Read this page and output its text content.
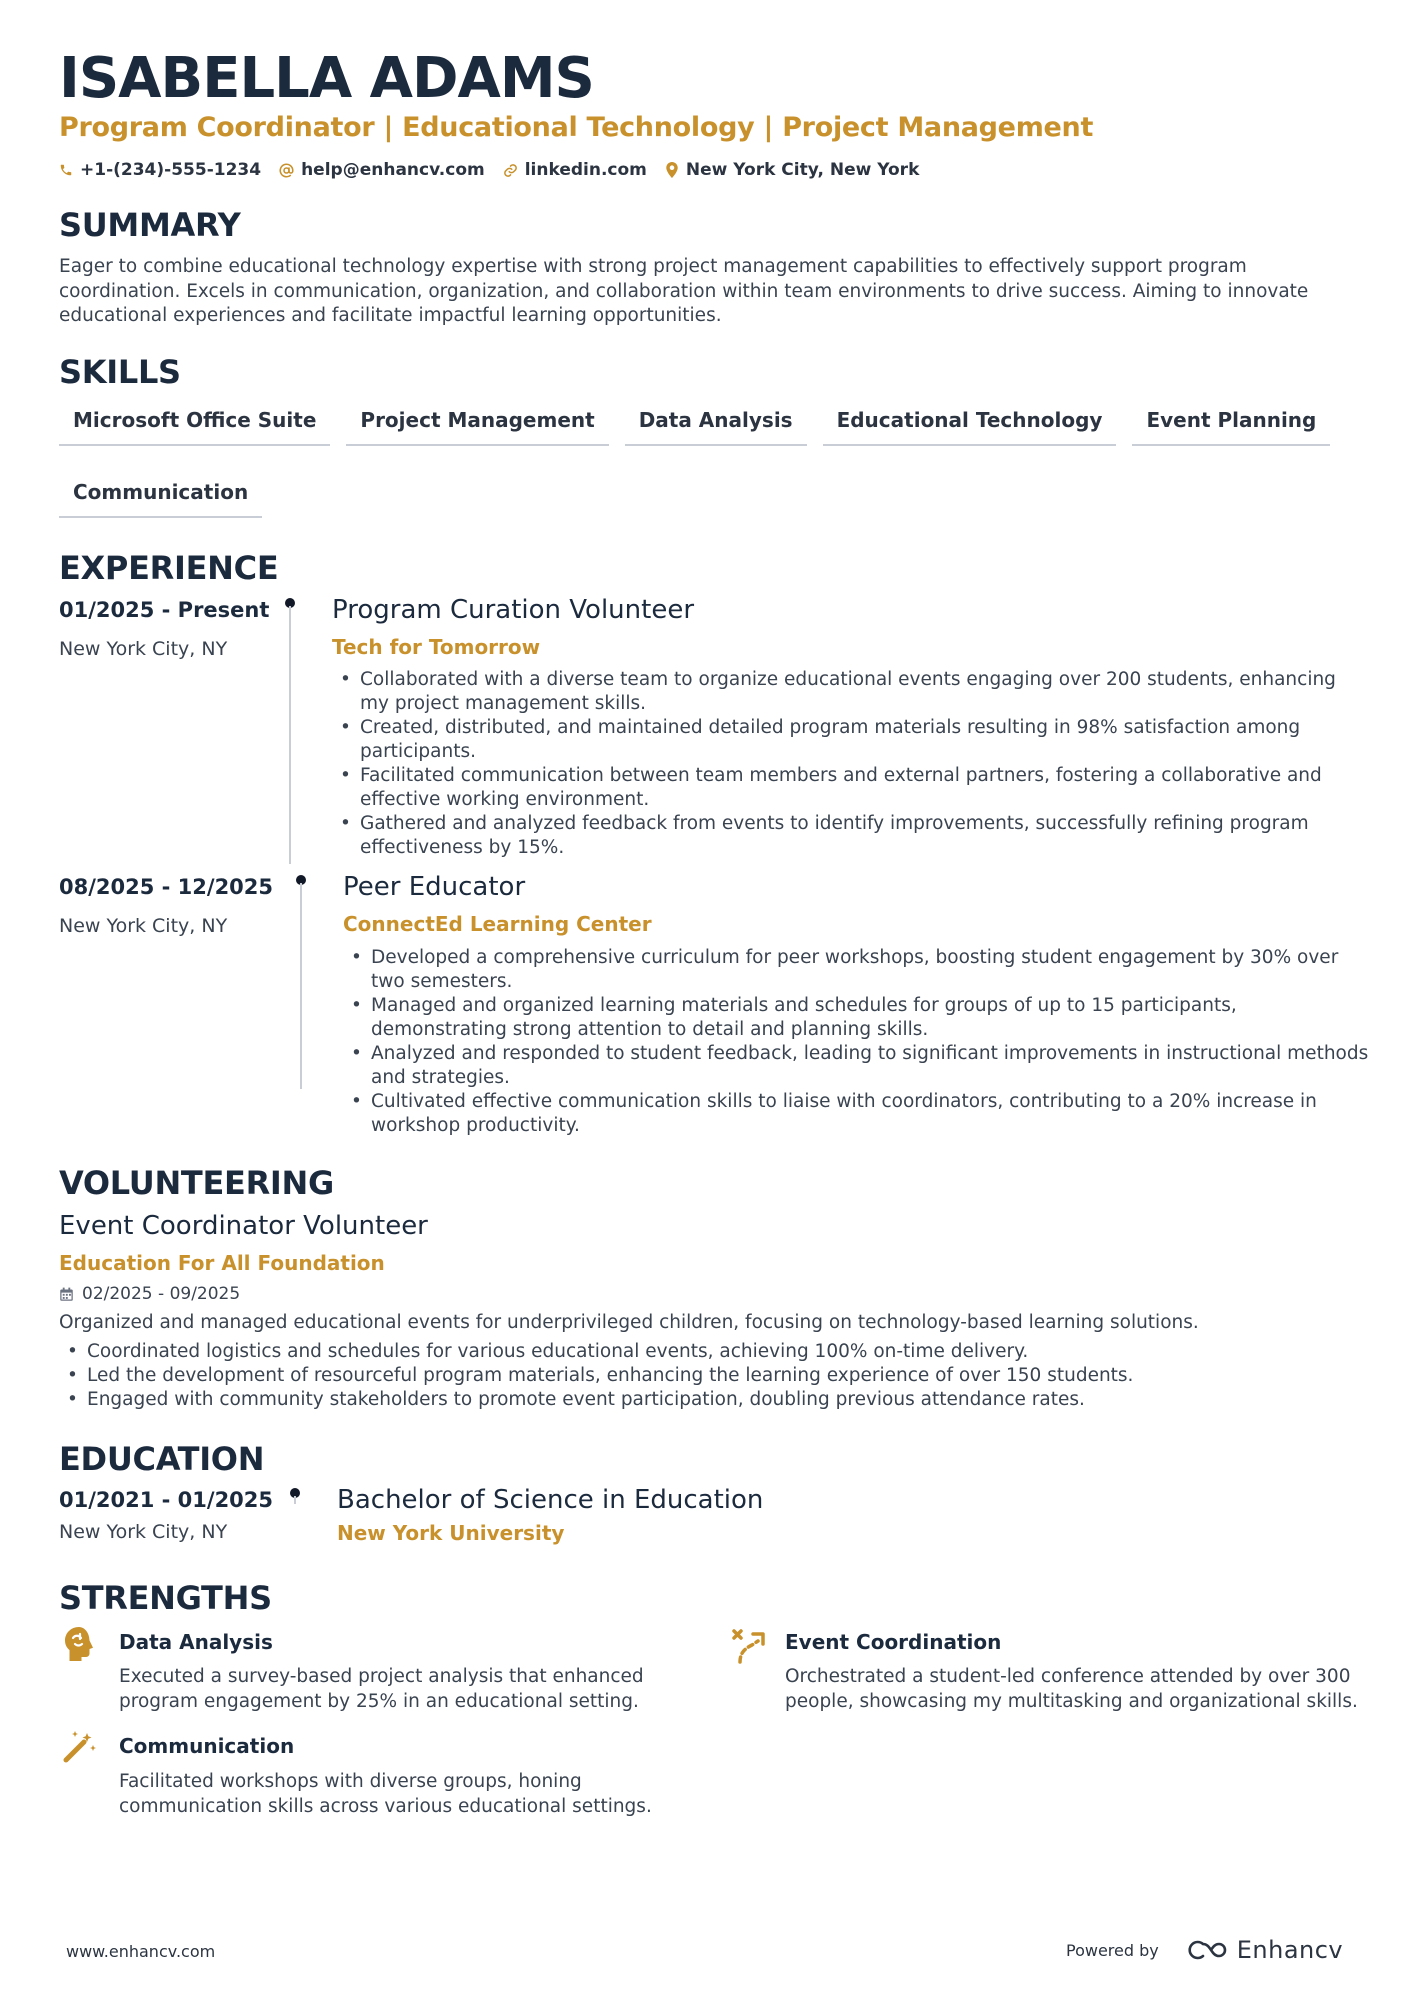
ISABELLA ADAMS
Program Coordinator | Educational Technology | Project Management
+1-(234)-555-1234 help@enhancv.com linkedin.com New York City, New York
SUMMARY
Eager to combine educational technology expertise with strong project management capabilities to effectively support program coordination. Excels in communication, organization, and collaboration within team environments to drive success. Aiming to innovate educational experiences and facilitate impactful learning opportunities.
SKILLS
Microsoft Office Suite	Project Management	Data Analysis	Educational Technology	Event Planning
Communication
EXPERIENCE
01/2025 - Present
New York City, NY
Program Curation Volunteer
Tech for Tomorrow
• Collaborated with a diverse team to organize educational events engaging over 200 students, enhancing my project management skills.
• Created, distributed, and maintained detailed program materials resulting in 98% satisfaction among participants.
• Facilitated communication between team members and external partners, fostering a collaborative and effective working environment.
• Gathered and analyzed feedback from events to identify improvements, successfully refining program effectiveness by 15%.
08/2025 - 12/2025
New York City, NY
Peer Educator
ConnectEd Learning Center
• Developed a comprehensive curriculum for peer workshops, boosting student engagement by 30% over two semesters.
• Managed and organized learning materials and schedules for groups of up to 15 participants, demonstrating strong attention to detail and planning skills.
• Analyzed and responded to student feedback, leading to significant improvements in instructional methods and strategies.
• Cultivated effective communication skills to liaise with coordinators, contributing to a 20% increase in workshop productivity.
VOLUNTEERING
Event Coordinator Volunteer
Education For All Foundation
02/2025 - 09/2025
Organized and managed educational events for underprivileged children, focusing on technology-based learning solutions.
• Coordinated logistics and schedules for various educational events, achieving 100% on-time delivery.
• Led the development of resourceful program materials, enhancing the learning experience of over 150 students.
• Engaged with community stakeholders to promote event participation, doubling previous attendance rates.
EDUCATION
01/2021 - 01/2025
New York City, NY
Bachelor of Science in Education
New York University
STRENGTHS
Data Analysis
Executed a survey-based project analysis that enhanced program engagement by 25% in an educational setting.
Communication
Facilitated workshops with diverse groups, honing communication skills across various educational settings.
Event Coordination
Orchestrated a student-led conference attended by over 300 people, showcasing my multitasking and organizational skills.
www.enhancv.com	Powered by	Enhancv
